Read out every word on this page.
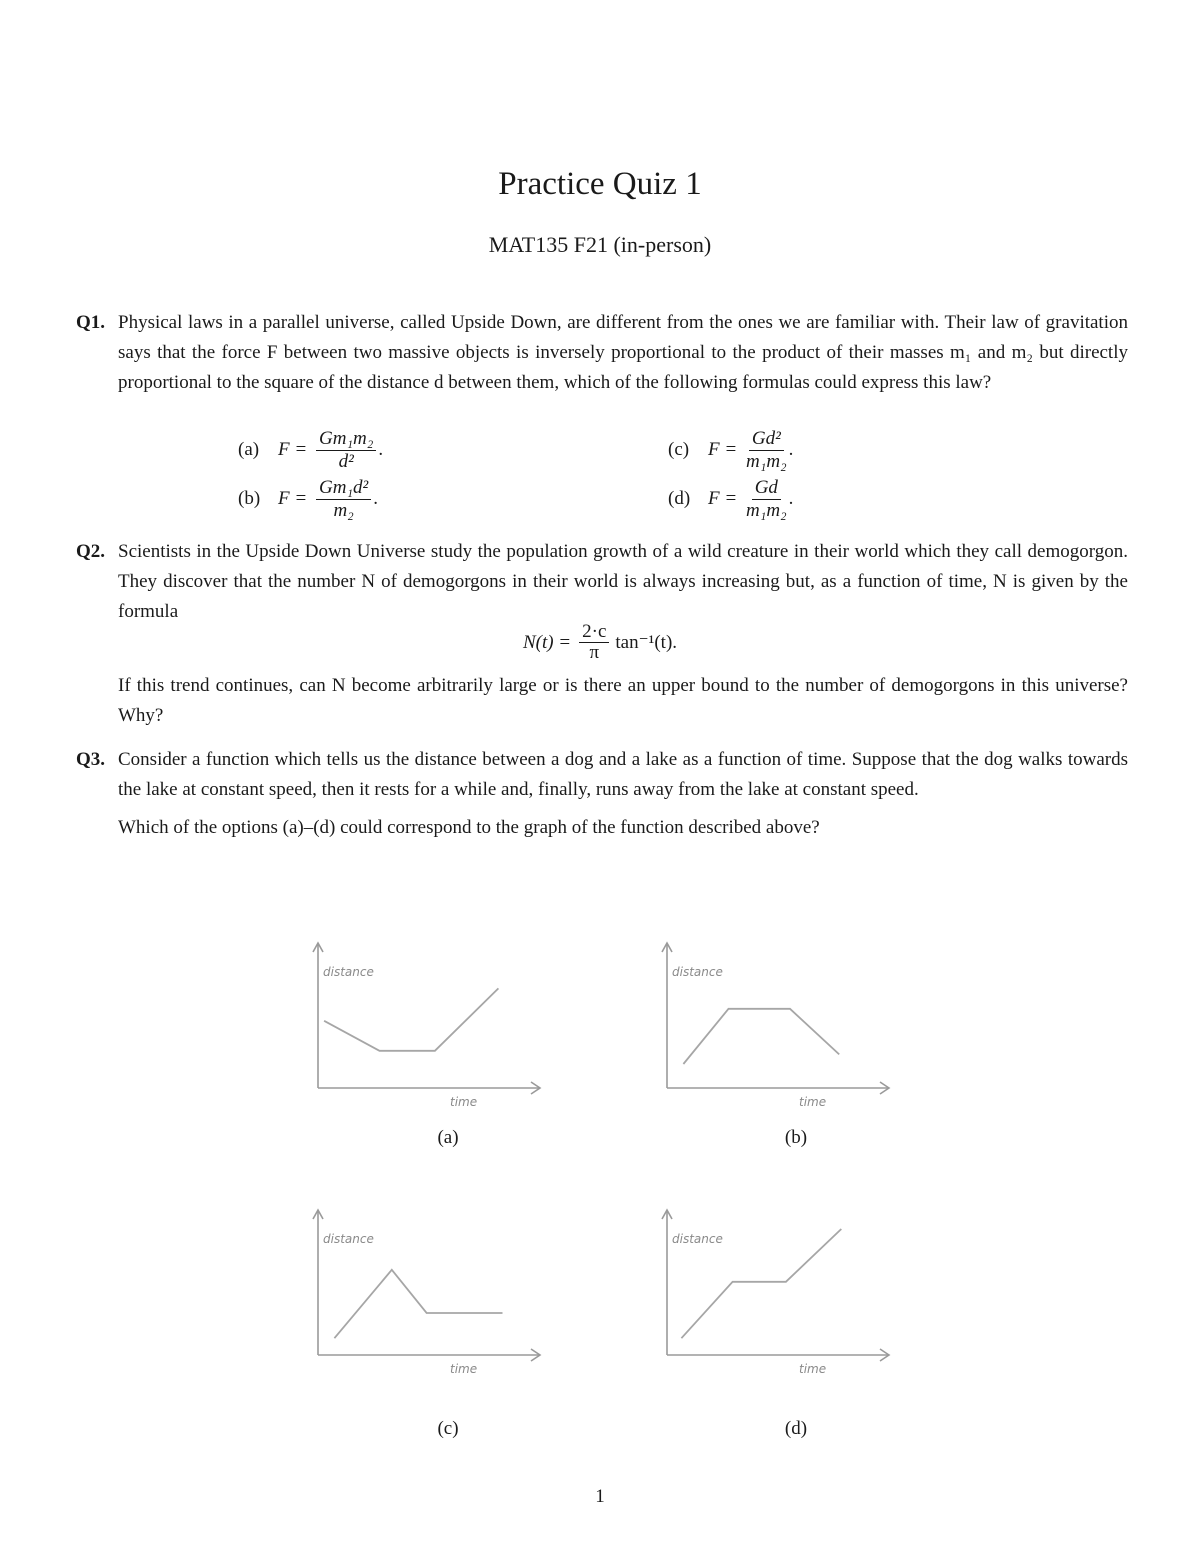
Practice Quiz 1
MAT135 F21 (in-person)
Q1. Physical laws in a parallel universe, called Upside Down, are different from the ones we are familiar with. Their law of gravitation says that the force F between two massive objects is inversely proportional to the product of their masses m₁ and m₂ but directly proportional to the square of the distance d between them, which of the following formulas could express this law?
(a) $F = \frac{\text{Gm₁m₂}}{\text{d²}}$ .
(b) $F = \frac{\text{Gm₁d²}}{\text{m₂}}$ .
(c) $F = \frac{\text{Gd²}}{\text{m₁m₂}}$ .
(d) $F = \frac{Gd}{\text{m₁m₂}}$ .
Q2. Scientists in the Upside Down Universe study the population growth of a wild creature in their world which they call demogorgon. They discover that the number N of demogorgons in their world is always increasing but, as a function of time, N is given by the formula
$N(t) = \frac{2\cdot c}{\pi} \tan^{-1}(t)$.
If this trend continues, can N become arbitrarily large or is there an upper bound to the number of demogorgons in this universe? Why?
Q3. Consider a function which tells us the distance between a dog and a lake as a function of time. Suppose that the dog walks towards the lake at constant speed, then it rests for a while and, finally, runs away from the lake at constant speed.
Which of the options (a)–(d) could correspond to the graph of the function described above?
distance
time
distance
time
distance
time
distance
time
(a)	(b)
(c)	(d)
1
